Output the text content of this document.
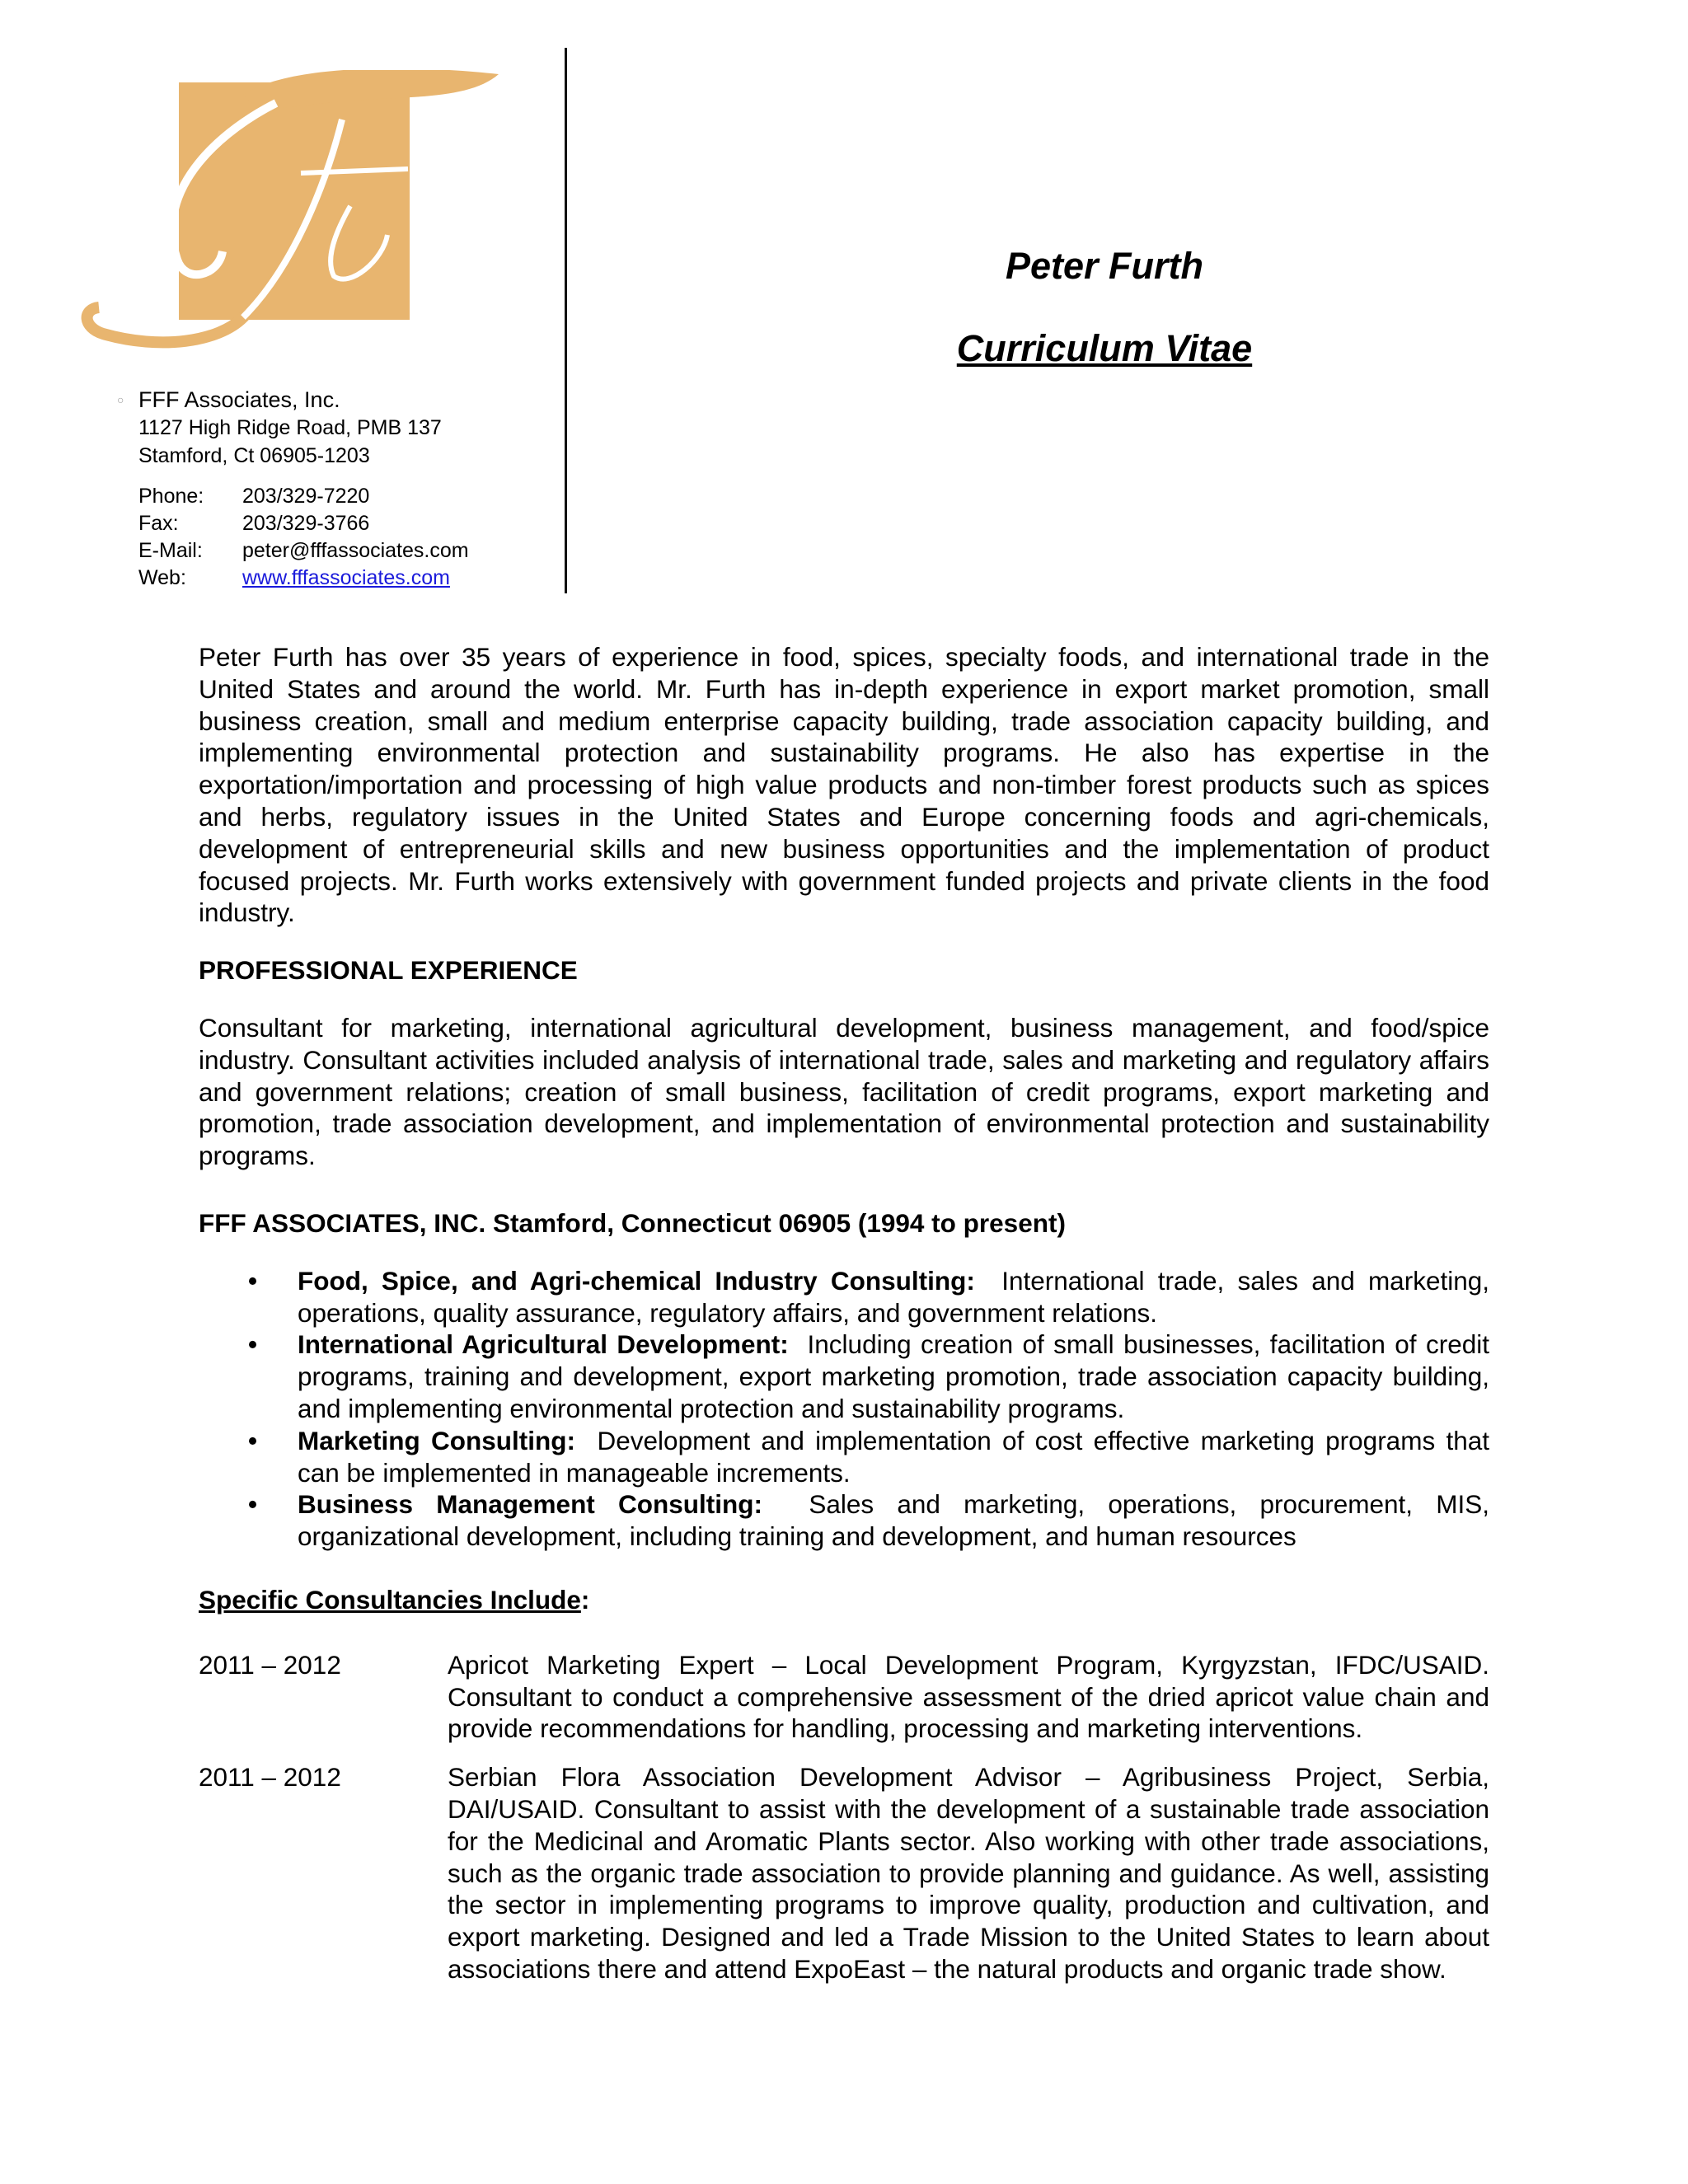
○ FFF Associates, Inc.
1127 High Ridge Road, PMB 137
Stamford, Ct 06905-1203
Phone:	203/329-7220
Fax:	203/329-3766
E-Mail:	peter@fffassociates.com
Web:	www.fffassociates.com
Peter Furth
Curriculum Vitae

Peter Furth has over 35 years of experience in food, spices, specialty foods, and international trade in the United States and around the world. Mr. Furth has in-depth experience in export market promotion, small business creation, small and medium enterprise capacity building, trade association capacity building, and implementing environmental protection and sustainability programs. He also has expertise in the exportation/importation and processing of high value products and non-timber forest products such as spices and herbs, regulatory issues in the United States and Europe concerning foods and agri-chemicals, development of entrepreneurial skills and new business opportunities and the implementation of product focused projects. Mr. Furth works extensively with government funded projects and private clients in the food industry.

PROFESSIONAL EXPERIENCE

Consultant for marketing, international agricultural development, business management, and food/spice industry. Consultant activities included analysis of international trade, sales and marketing and regulatory affairs and government relations; creation of small business, facilitation of credit programs, export marketing and promotion, trade association development, and implementation of environmental protection and sustainability programs.

FFF ASSOCIATES, INC. Stamford, Connecticut 06905 (1994 to present)

• Food, Spice, and Agri-chemical Industry Consulting: International trade, sales and marketing, operations, quality assurance, regulatory affairs, and government relations.
• International Agricultural Development: Including creation of small businesses, facilitation of credit programs, training and development, export marketing promotion, trade association capacity building, and implementing environmental protection and sustainability programs.
• Marketing Consulting: Development and implementation of cost effective marketing programs that can be implemented in manageable increments.
• Business Management Consulting: Sales and marketing, operations, procurement, MIS, organizational development, including training and development, and human resources

Specific Consultancies Include:

2011 – 2012	Apricot Marketing Expert – Local Development Program, Kyrgyzstan, IFDC/USAID. Consultant to conduct a comprehensive assessment of the dried apricot value chain and provide recommendations for handling, processing and marketing interventions.
2011 – 2012	Serbian Flora Association Development Advisor – Agribusiness Project, Serbia, DAI/USAID. Consultant to assist with the development of a sustainable trade association for the Medicinal and Aromatic Plants sector. Also working with other trade associations, such as the organic trade association to provide planning and guidance. As well, assisting the sector in implementing programs to improve quality, production and cultivation, and export marketing. Designed and led a Trade Mission to the United States to learn about associations there and attend ExpoEast – the natural products and organic trade show.
